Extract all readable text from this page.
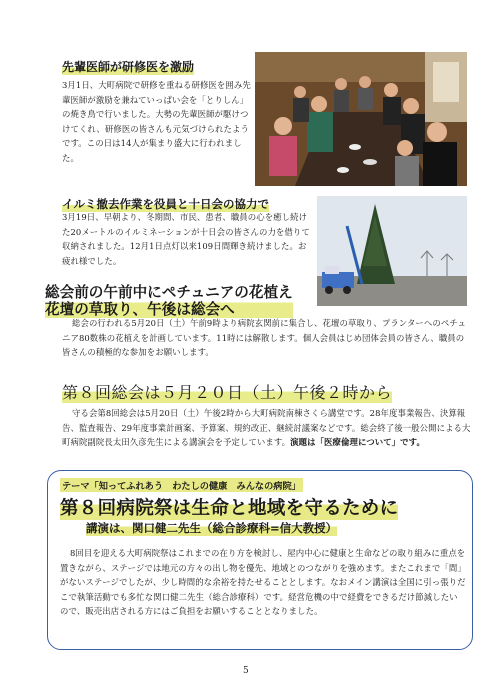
先輩医師が研修医を激励
3月1日、大町病院で研修を重ねる研修医を囲み先輩医師が激励を兼ねていっぱい会を「とりしん」の焼き鳥で行いました。大勢の先輩医師が駆けつけてくれ、研修医の皆さんも元気づけられたようです。この日は14人が集まり盛大に行われました。
イルミ撤去作業を役員と十日会の協力で
3月19日、早朝より、冬期間、市民、患者、職員の心を癒し続けた20メートルのイルミネーションが十日会の皆さんの力を借りて収納されました。12月1日点灯以来109日間輝き続けました。お疲れ様でした。
総会前の午前中にペチュニアの花植え
花壇の草取り、午後は総会へ
総会の行われる5月20日（土）午前9時より病院玄関前に集合し、花壇の草取り、プランターへのペチュニア80数株の花植えを計画しています。11時には解散します。個人会員はじめ団体会員の皆さん、職員の皆さんの積極的な参加をお願いします。
第８回総会は５月２０日（土）午後２時から
守る会第8回総会は5月20日（土）午後2時から大町病院南棟さくら講堂です。28年度事業報告、決算報告、監査報告、29年度事業計画案、予算案、規約改正、継続討議案などです。総会終了後一般公開による大町病院副院長太田久彦先生による講演会を予定しています。演題は「医療倫理について」です。
テーマ「知ってふれあう　わたしの健康　みんなの病院」
第８回病院祭は生命と地域を守るために
講演は、関口健二先生（総合診療科=信大教授）
8回目を迎える大町病院祭はこれまでの在り方を検討し、屋内中心に健康と生命などの取り組みに重点を置きながら、ステージでは地元の方々の出し物を優先、地域とのつながりを強めます。またこれまで「間」がないステージでしたが、少し時間的な余裕を持たせることとします。なおメイン講演は全国に引っ張りだこで執筆活動でも多忙な関口健二先生（総合診療科）です。経営危機の中で経費をできるだけ節減したいので、販売出店される方にはご負担をお願いすることとなりました。
5
